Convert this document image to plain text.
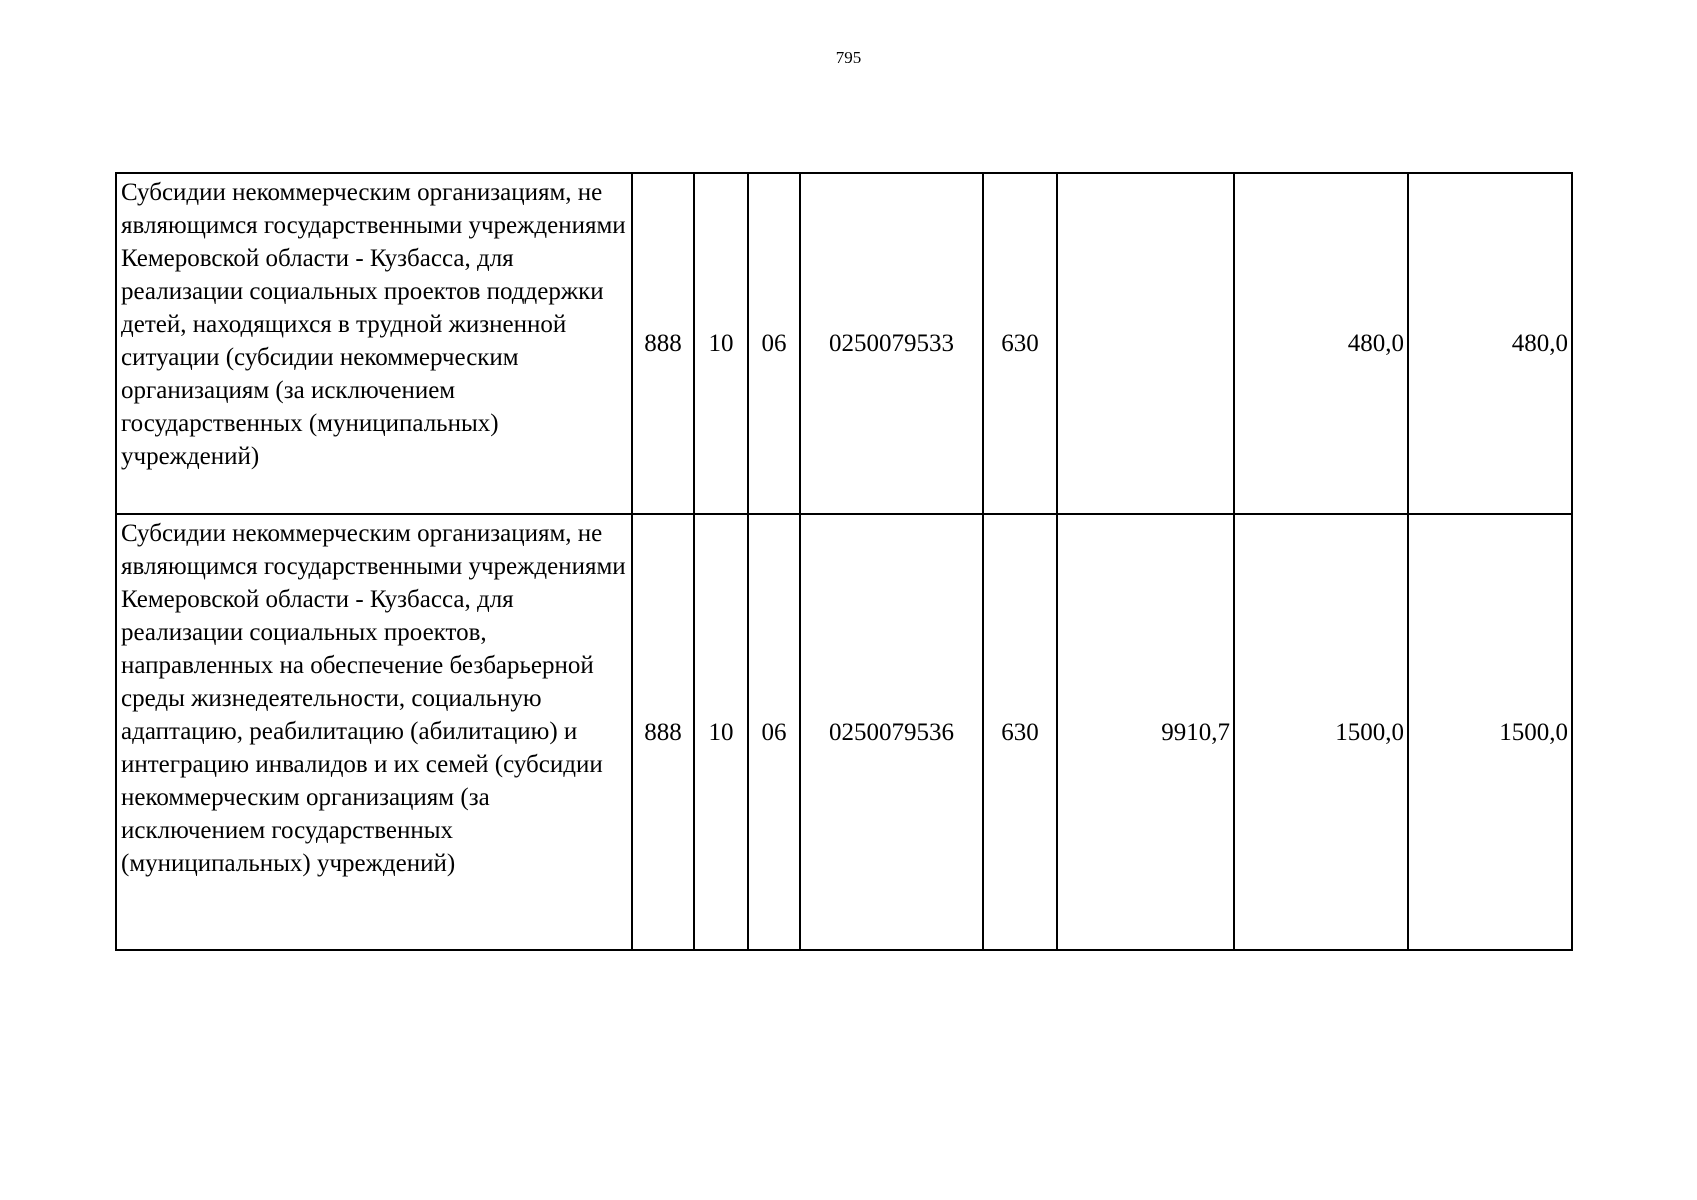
795
Субсидии некоммерческим организациям, не являющимся государственными учреждениями Кемеровской области - Кузбасса, для реализации социальных проектов поддержки детей, находящихся в трудной жизненной ситуации (субсидии некоммерческим организациям (за исключением государственных (муниципальных) учреждений)	888	10	06	0250079533	630		480,0	480,0
Субсидии некоммерческим организациям, не являющимся государственными учреждениями Кемеровской области - Кузбасса, для реализации социальных проектов, направленных на обеспечение безбарьерной среды жизнедеятельности, социальную адаптацию, реабилитацию (абилитацию) и интеграцию инвалидов и их семей (субсидии некоммерческим организациям (за исключением государственных (муниципальных) учреждений)	888	10	06	0250079536	630	9910,7	1500,0	1500,0
